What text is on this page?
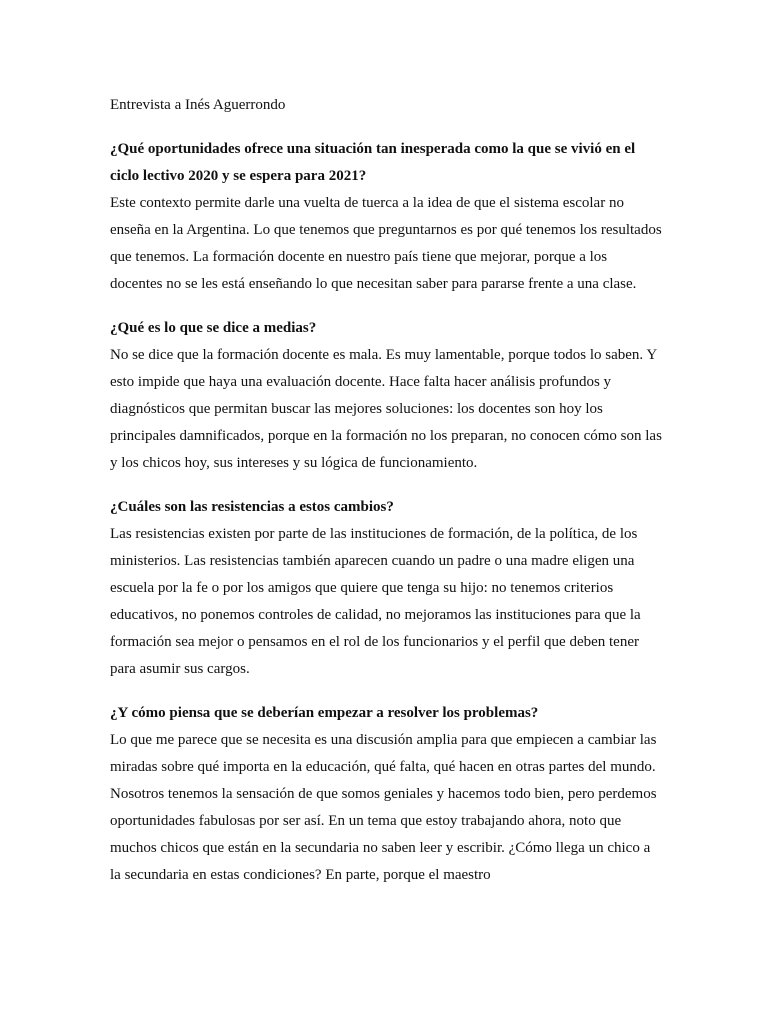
Entrevista a Inés Aguerrondo

¿Qué oportunidades ofrece una situación tan inesperada como la que se vivió en el ciclo lectivo 2020 y se espera para 2021?

Este contexto permite darle una vuelta de tuerca a la idea de que el sistema escolar no enseña en la Argentina. Lo que tenemos que preguntarnos es por qué tenemos los resultados que tenemos. La formación docente en nuestro país tiene que mejorar, porque a los docentes no se les está enseñando lo que necesitan saber para pararse frente a una clase.

¿Qué es lo que se dice a medias?

No se dice que la formación docente es mala. Es muy lamentable, porque todos lo saben. Y esto impide que haya una evaluación docente. Hace falta hacer análisis profundos y diagnósticos que permitan buscar las mejores soluciones: los docentes son hoy los principales damnificados, porque en la formación no los preparan, no conocen cómo son las y los chicos hoy, sus intereses y su lógica de funcionamiento.

¿Cuáles son las resistencias a estos cambios?

Las resistencias existen por parte de las instituciones de formación, de la política, de los ministerios. Las resistencias también aparecen cuando un padre o una madre eligen una escuela por la fe o por los amigos que quiere que tenga su hijo: no tenemos criterios educativos, no ponemos controles de calidad, no mejoramos las instituciones para que la formación sea mejor o pensamos en el rol de los funcionarios y el perfil que deben tener para asumir sus cargos.

¿Y cómo piensa que se deberían empezar a resolver los problemas?

Lo que me parece que se necesita es una discusión amplia para que empiecen a cambiar las miradas sobre qué importa en la educación, qué falta, qué hacen en otras partes del mundo. Nosotros tenemos la sensación de que somos geniales y hacemos todo bien, pero perdemos oportunidades fabulosas por ser así. En un tema que estoy trabajando ahora, noto que muchos chicos que están en la secundaria no saben leer y escribir. ¿Cómo llega un chico a la secundaria en estas condiciones? En parte, porque el maestro
